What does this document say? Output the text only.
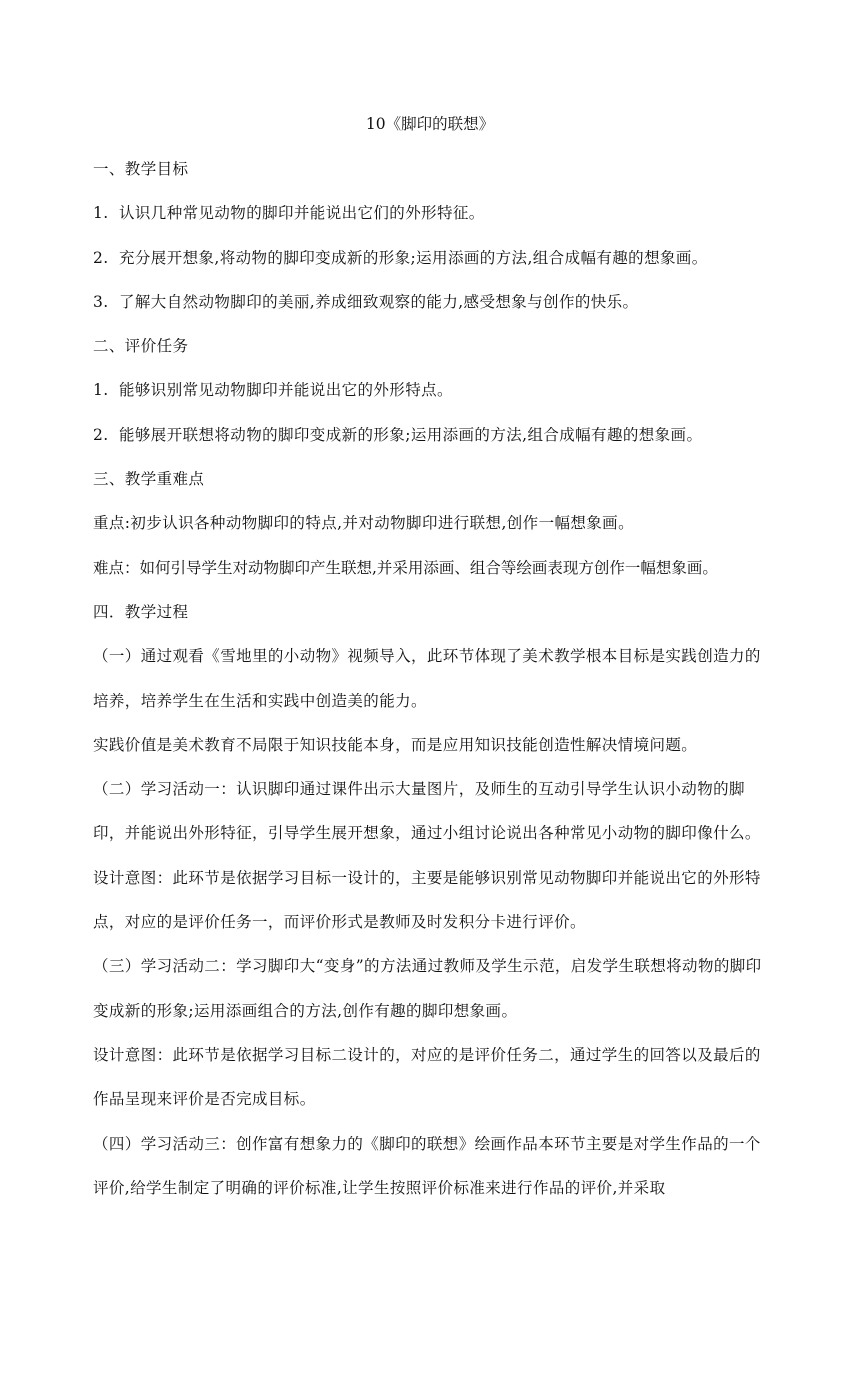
10《脚印的联想》
一、教学目标
1. 认识几种常见动物的脚印并能说出它们的外形特征。
2. 充分展开想象,将动物的脚印变成新的形象;运用添画的方法,组合成幅有趣的想象画。
3. 了解大自然动物脚印的美丽,养成细致观察的能力,感受想象与创作的快乐。
二、评价任务
1. 能够识别常见动物脚印并能说出它的外形特点。
2. 能够展开联想将动物的脚印变成新的形象;运用添画的方法,组合成幅有趣的想象画。
三、教学重难点
重点:初步认识各种动物脚印的特点,并对动物脚印进行联想,创作一幅想象画。
难点：如何引导学生对动物脚印产生联想,并采用添画、组合等绘画表现方创作一幅想象画。
四．教学过程
（一）通过观看《雪地里的小动物》视频导入，此环节体现了美术教学根本目标是实践创造力的培养，培养学生在生活和实践中创造美的能力。
实践价值是美术教育不局限于知识技能本身，而是应用知识技能创造性解决情境问题。
（二）学习活动一：认识脚印通过课件出示大量图片，及师生的互动引导学生认识小动物的脚印，并能说出外形特征，引导学生展开想象，通过小组讨论说出各种常见小动物的脚印像什么。
设计意图：此环节是依据学习目标一设计的，主要是能够识别常见动物脚印并能说出它的外形特点，对应的是评价任务一，而评价形式是教师及时发积分卡进行评价。
（三）学习活动二：学习脚印大“变身”的方法通过教师及学生示范，启发学生联想将动物的脚印变成新的形象;运用添画组合的方法,创作有趣的脚印想象画。
设计意图：此环节是依据学习目标二设计的，对应的是评价任务二，通过学生的回答以及最后的作品呈现来评价是否完成目标。
（四）学习活动三：创作富有想象力的《脚印的联想》绘画作品本环节主要是对学生作品的一个评价,给学生制定了明确的评价标准,让学生按照评价标准来进行作品的评价,并采取
